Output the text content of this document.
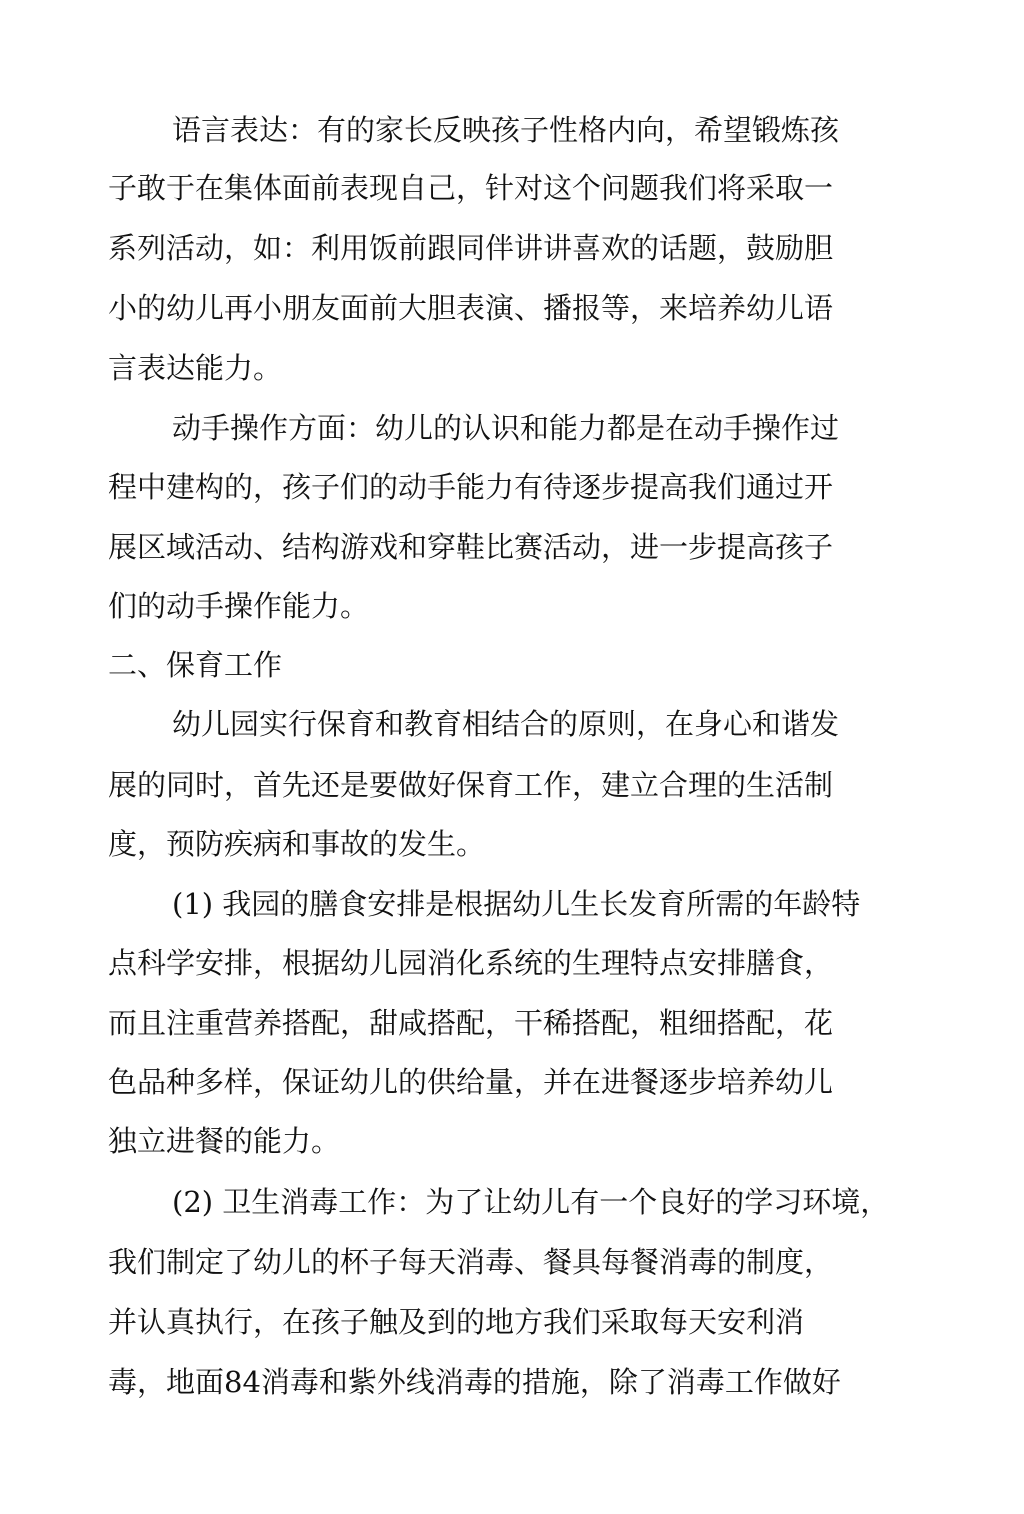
语言表达：有的家长反映孩子性格内向，希望锻炼孩
子敢于在集体面前表现自己，针对这个问题我们将采取一
系列活动，如：利用饭前跟同伴讲讲喜欢的话题，鼓励胆
小的幼儿再小朋友面前大胆表演、播报等，来培养幼儿语
言表达能力。
动手操作方面：幼儿的认识和能力都是在动手操作过
程中建构的，孩子们的动手能力有待逐步提高我们通过开
展区域活动、结构游戏和穿鞋比赛活动，进一步提高孩子
们的动手操作能力。
二、保育工作
幼儿园实行保育和教育相结合的原则，在身心和谐发
展的同时，首先还是要做好保育工作，建立合理的生活制
度，预防疾病和事故的发生。
(1) 我园的膳食安排是根据幼儿生长发育所需的年龄特
点科学安排，根据幼儿园消化系统的生理特点安排膳食，
而且注重营养搭配，甜咸搭配，干稀搭配，粗细搭配，花
色品种多样，保证幼儿的供给量，并在进餐逐步培养幼儿
独立进餐的能力。
(2) 卫生消毒工作：为了让幼儿有一个良好的学习环境，
我们制定了幼儿的杯子每天消毒、餐具每餐消毒的制度，
并认真执行，在孩子触及到的地方我们采取每天安利消
毒，地面84消毒和紫外线消毒的措施，除了消毒工作做好
